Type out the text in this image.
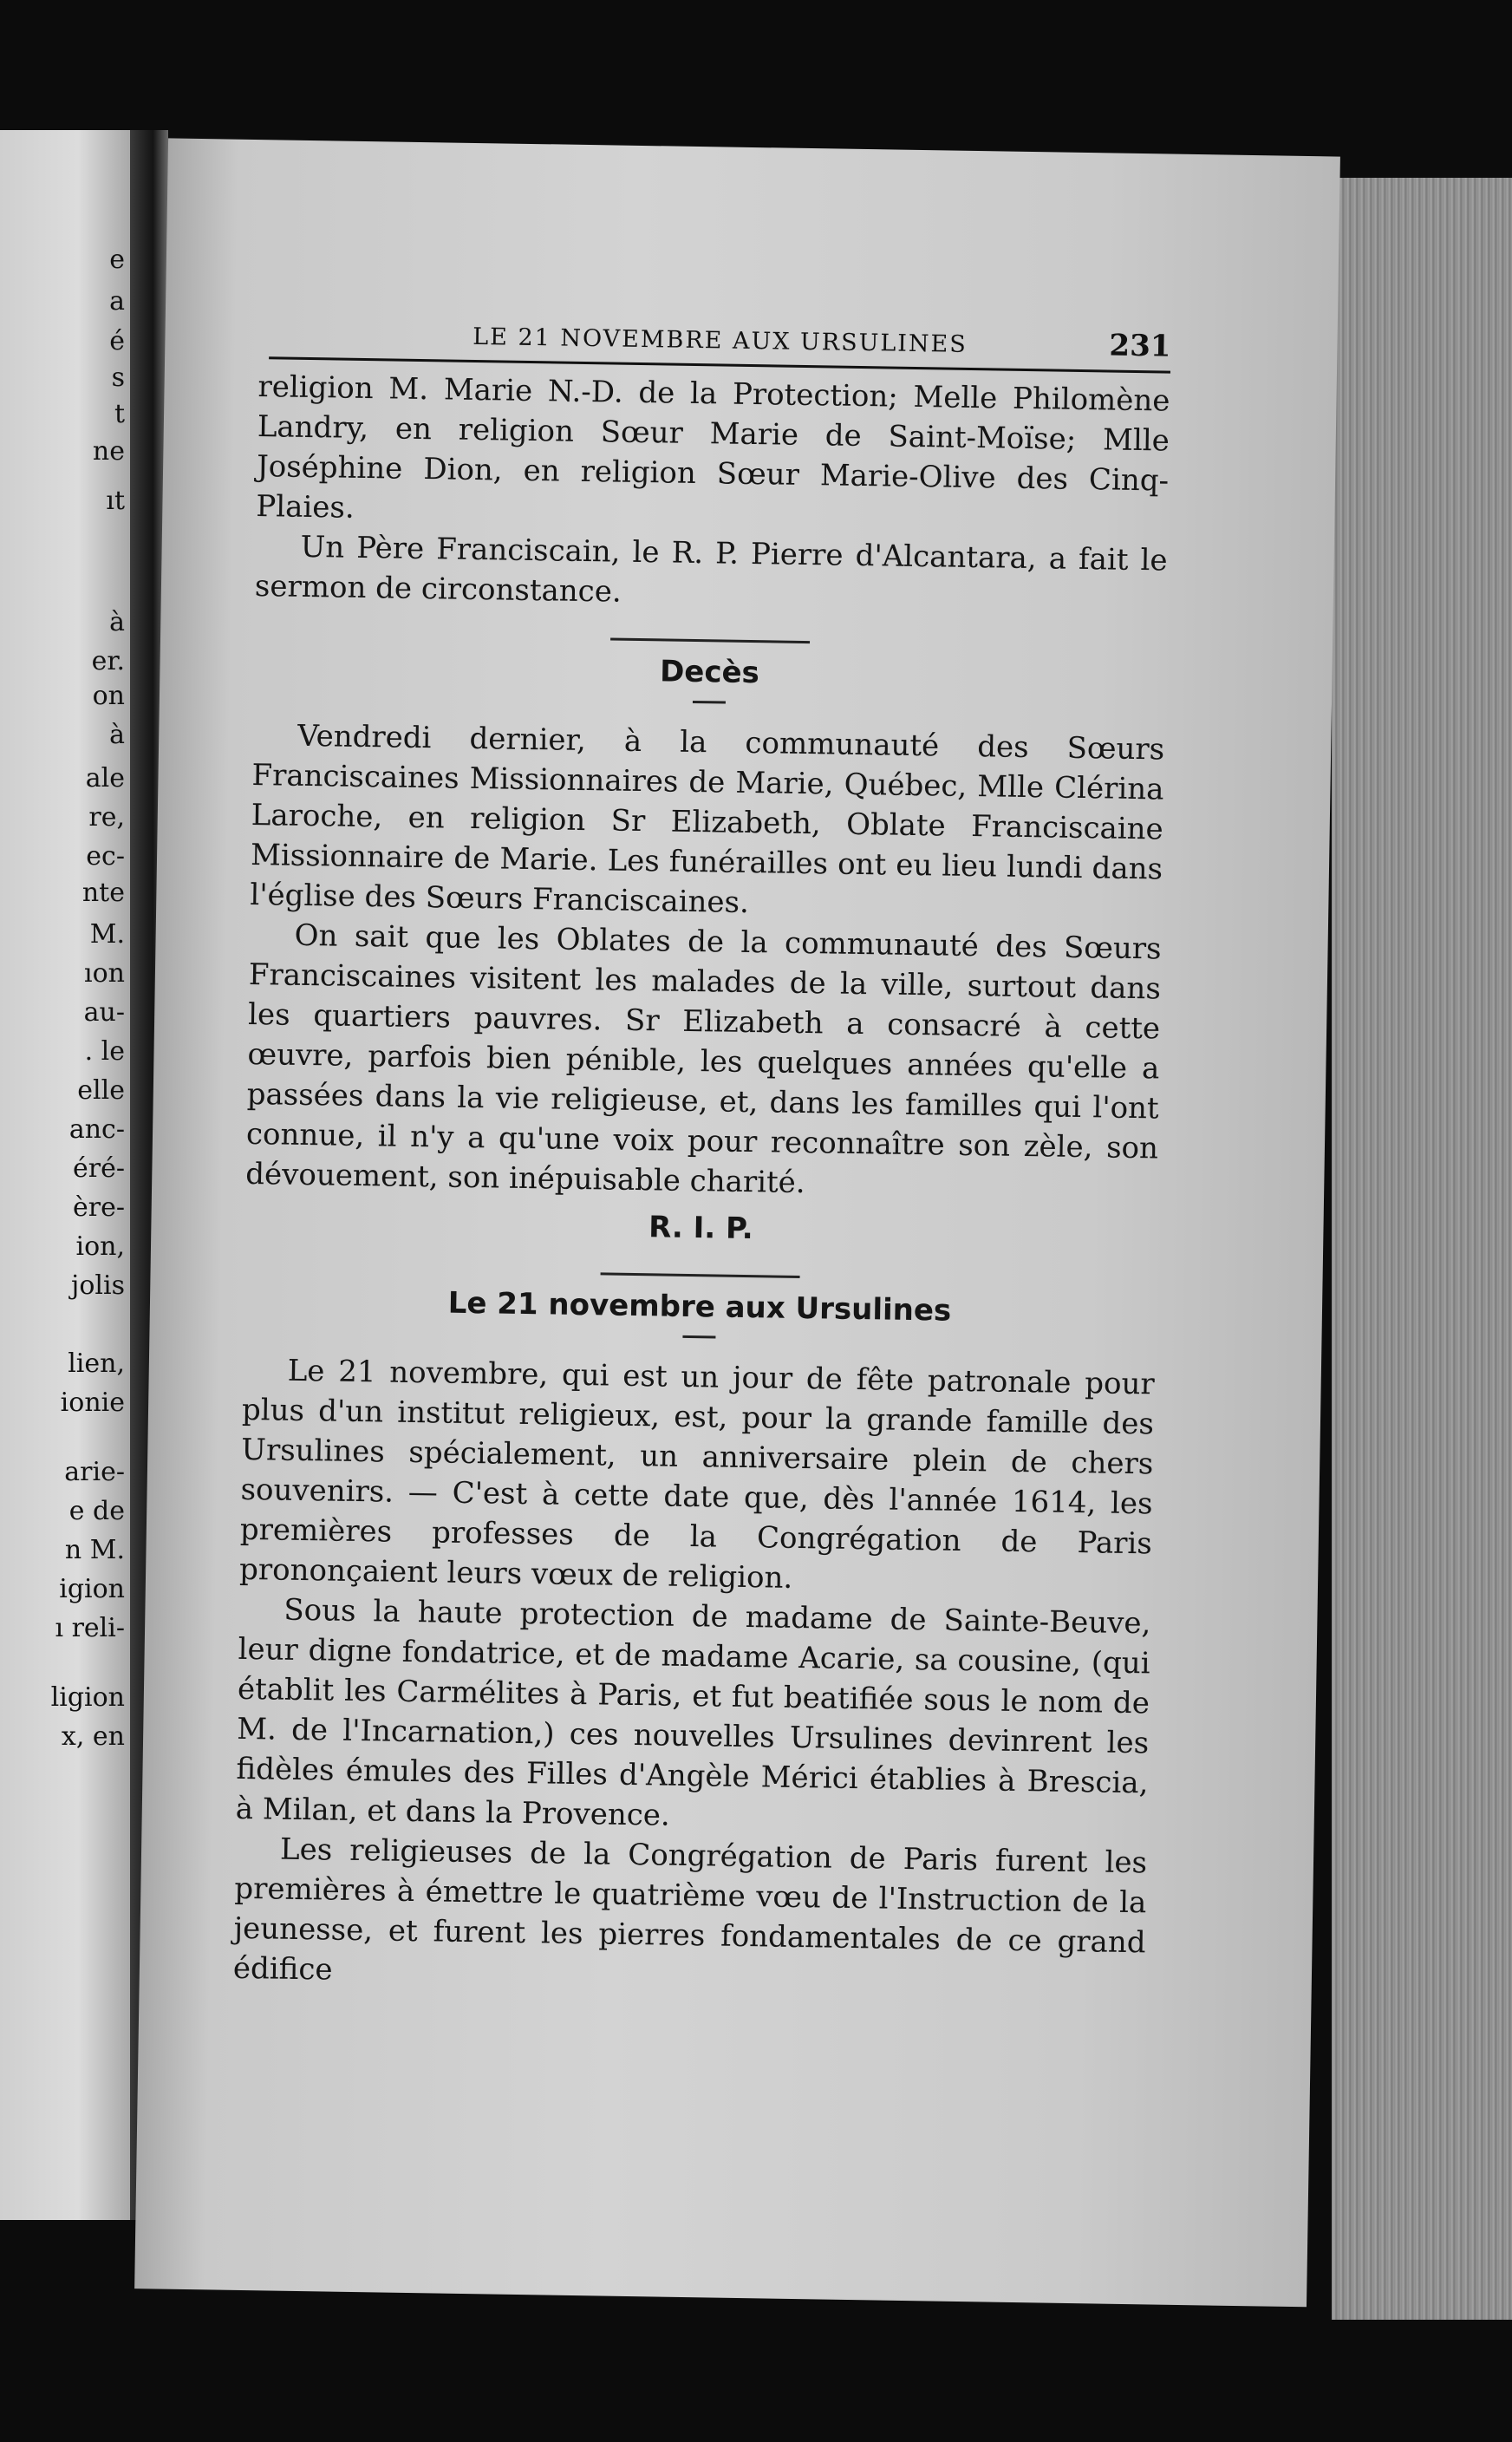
e
a
é
s
t
ne
ıt
à
er.
on
à
ale
re,
ec-
nte
M.
ıon
au-
. le
elle
anc-
éré-
ère-
ion,
jolis
lien,
ionie
arie-
e de
n M.
igion
ı reli-
ligion
x, en
LE 21 NOVEMBRE AUX URSULINES	231

religion M. Marie N.-D. de la Protection; Melle Philomène Landry, en religion Sœur Marie de Saint-Moïse; Mlle Joséphine Dion, en religion Sœur Marie-Olive des Cinq-Plaies.

Un Père Franciscain, le R. P. Pierre d'Alcantara, a fait le sermon de circonstance.

Decès

Vendredi dernier, à la communauté des Sœurs Franciscaines Missionnaires de Marie, Québec, Mlle Clérina Laroche, en religion Sr Elizabeth, Oblate Franciscaine Missionnaire de Marie. Les funérailles ont eu lieu lundi dans l'église des Sœurs Franciscaines.

On sait que les Oblates de la communauté des Sœurs Franciscaines visitent les malades de la ville, surtout dans les quartiers pauvres. Sr Elizabeth a consacré à cette œuvre, parfois bien pénible, les quelques années qu'elle a passées dans la vie religieuse, et, dans les familles qui l'ont connue, il n'y a qu'une voix pour reconnaître son zèle, son dévouement, son inépuisable charité.

R. I. P.
Le 21 novembre aux Ursulines

Le 21 novembre, qui est un jour de fête patronale pour plus d'un institut religieux, est, pour la grande famille des Ursulines spécialement, un anniversaire plein de chers souvenirs. — C'est à cette date que, dès l'année 1614, les premières professes de la Congrégation de Paris prononçaient leurs vœux de religion.

Sous la haute protection de madame de Sainte-Beuve, leur digne fondatrice, et de madame Acarie, sa cousine, (qui établit les Carmélites à Paris, et fut beatifiée sous le nom de M. de l'Incarnation,) ces nouvelles Ursulines devinrent les fidèles émules des Filles d'Angèle Mérici établies à Brescia, à Milan, et dans la Provence.

Les religieuses de la Congrégation de Paris furent les premières à émettre le quatrième vœu de l'Instruction de la jeunesse, et furent les pierres fondamentales de ce grand édifice
